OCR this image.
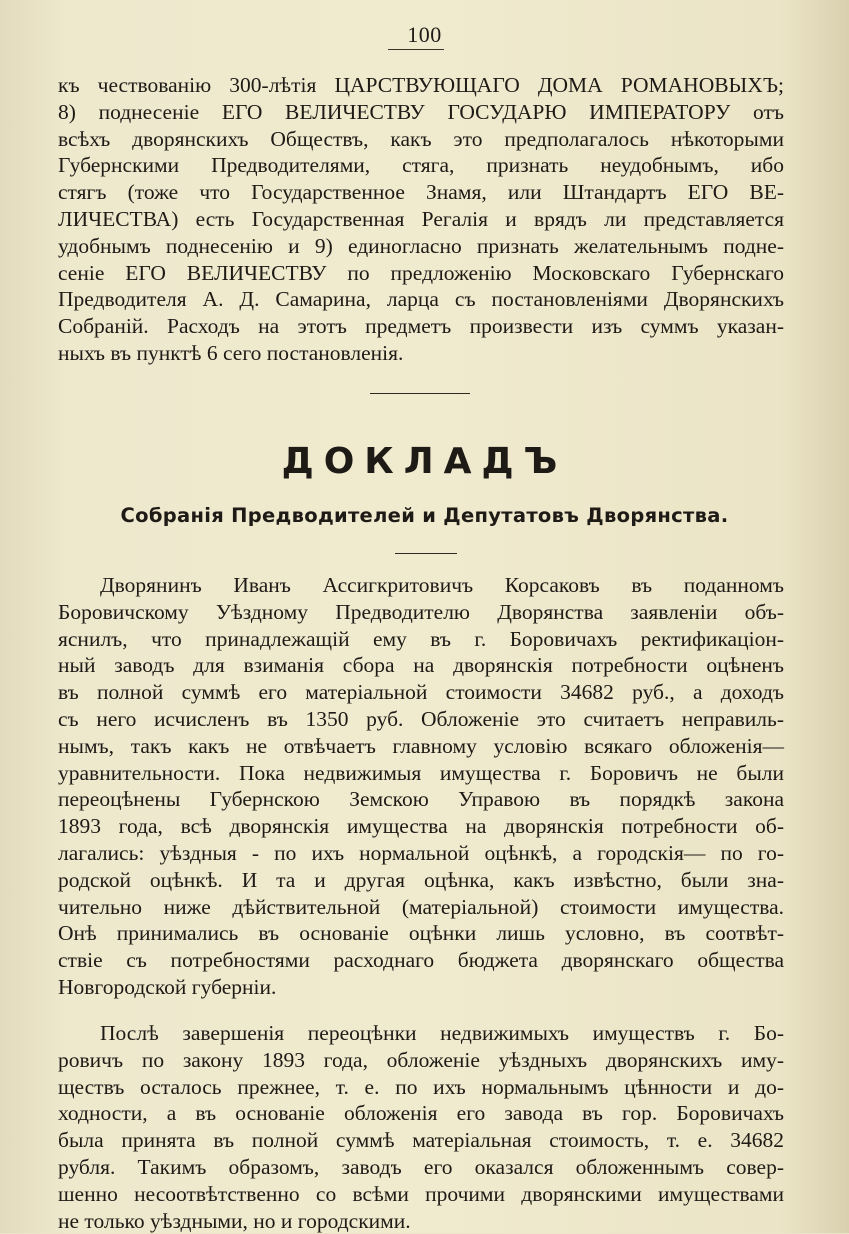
100
къ чествованію 300-лѣтія ЦАРСТВУЮЩАГО ДОМА РОМАНОВЫХЪ;
8) поднесеніе ЕГО ВЕЛИЧЕСТВУ ГОСУДАРЮ ИМПЕРАТОРУ отъ
всѣхъ дворянскихъ Обществъ, какъ это предполагалось нѣкоторыми
Губернскими Предводителями, стяга, признать неудобнымъ, ибо
стягъ (тоже что Государственное Знамя, или Штандартъ ЕГО ВЕ-
ЛИЧЕСТВА) есть Государственная Регалія и врядъ ли представляется
удобнымъ поднесенію и 9) единогласно признать желательнымъ подне-
сеніе ЕГО ВЕЛИЧЕСТВУ по предложенію Московскаго Губернскаго
Предводителя А. Д. Самарина, ларца съ постановленіями Дворянскихъ
Собраній. Расходъ на этотъ предметъ произвести изъ суммъ указан-
ныхъ въ пунктѣ 6 сего постановленія.
ДОКЛАДЪ
Собранія Предводителей и Депутатовъ Дворянства.
Дворянинъ Иванъ Ассигкритовичъ Корсаковъ въ поданномъ
Боровичскому Уѣздному Предводителю Дворянства заявленіи объ-
яснилъ, что принадлежащій ему въ г. Боровичахъ ректификаціон-
ный заводъ для взиманія сбора на дворянскія потребности оцѣненъ
въ полной суммѣ его матеріальной стоимости 34682 руб., а доходъ
съ него исчисленъ въ 1350 руб. Обложеніе это считаетъ неправиль-
нымъ, такъ какъ не отвѣчаетъ главному условію всякаго обложенія—
уравнительности. Пока недвижимыя имущества г. Боровичъ не были
переоцѣнены Губернскою Земскою Управою въ порядкѣ закона
1893 года, всѣ дворянскія имущества на дворянскія потребности об-
лагались: уѣздныя - по ихъ нормальной оцѣнкѣ, а городскія— по го-
родской оцѣнкѣ. И та и другая оцѣнка, какъ извѣстно, были зна-
чительно ниже дѣйствительной (матеріальной) стоимости имущества.
Онѣ принимались въ основаніе оцѣнки лишь условно, въ соотвѣт-
ствіе съ потребностями расходнаго бюджета дворянскаго общества
Новгородской губерніи.
Послѣ завершенія переоцѣнки недвижимыхъ имуществъ г. Бо-
ровичъ по закону 1893 года, обложеніе уѣздныхъ дворянскихъ иму-
ществъ осталось прежнее, т. е. по ихъ нормальнымъ цѣнности и до-
ходности, а въ основаніе обложенія его завода въ гор. Боровичахъ
была принята въ полной суммѣ матеріальная стоимость, т. е. 34682
рубля. Такимъ образомъ, заводъ его оказался обложеннымъ совер-
шенно несоотвѣтственно со всѣми прочими дворянскими имуществами
не только уѣздными, но и городскими.
